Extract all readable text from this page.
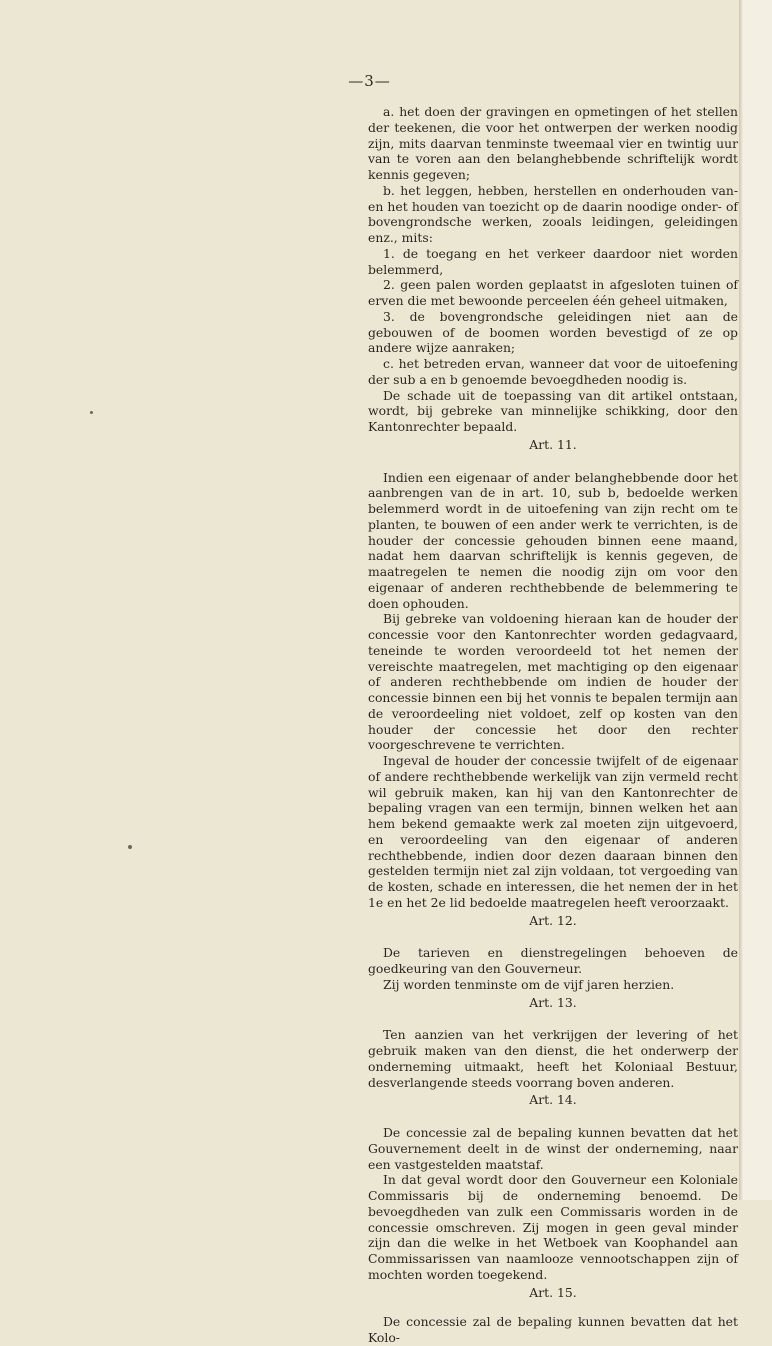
—3—

a. het doen der gravingen en opmetingen of het stellen der teekenen, die voor het ontwerpen der werken noodig zijn, mits daarvan tenminste tweemaal vier en twintig uur van te voren aan den belanghebbende schriftelijk wordt kennis gegeven;

b. het leggen, hebben, herstellen en onderhouden van- en het houden van toezicht op de daarin noodige onder- of bovengrondsche werken, zooals leidingen, geleidingen enz., mits:

1. de toegang en het verkeer daardoor niet worden belemmerd,

2. geen palen worden geplaatst in afgesloten tuinen of erven die met bewoonde perceelen één geheel uitmaken,

3. de bovengrondsche geleidingen niet aan de gebouwen of de boomen worden bevestigd of ze op andere wijze aanraken;

c. het betreden ervan, wanneer dat voor de uitoefening der sub a en b genoemde bevoegdheden noodig is.

De schade uit de toepassing van dit artikel ontstaan, wordt, bij gebreke van minnelijke schikking, door den Kantonrechter bepaald.

Art. 11.

Indien een eigenaar of ander belanghebbende door het aanbrengen van de in art. 10, sub b, bedoelde werken belemmerd wordt in de uitoefening van zijn recht om te planten, te bouwen of een ander werk te verrichten, is de houder der concessie gehouden binnen eene maand, nadat hem daarvan schriftelijk is kennis gegeven, de maatregelen te nemen die noodig zijn om voor den eigenaar of anderen rechthebbende de belemmering te doen ophouden.

Bij gebreke van voldoening hieraan kan de houder der concessie voor den Kantonrechter worden gedagvaard, teneinde te worden veroordeeld tot het nemen der vereischte maatregelen, met machtiging op den eigenaar of anderen rechthebbende om indien de houder der concessie binnen een bij het vonnis te bepalen termijn aan de veroordeeling niet voldoet, zelf op kosten van den houder der concessie het door den rechter voorgeschrevene te verrichten.

Ingeval de houder der concessie twijfelt of de eigenaar of andere rechthebbende werkelijk van zijn vermeld recht wil gebruik maken, kan hij van den Kantonrechter de bepaling vragen van een termijn, binnen welken het aan hem bekend gemaakte werk zal moeten zijn uitgevoerd, en veroordeeling van den eigenaar of anderen rechthebbende, indien door dezen daaraan binnen den gestelden termijn niet zal zijn voldaan, tot vergoeding van de kosten, schade en interessen, die het nemen der in het 1e en het 2e lid bedoelde maatregelen heeft veroorzaakt.

Art. 12.

De tarieven en dienstregelingen behoeven de goedkeuring van den Gouverneur.

Zij worden tenminste om de vijf jaren herzien.

Art. 13.

Ten aanzien van het verkrijgen der levering of het gebruik maken van den dienst, die het onderwerp der onderneming uitmaakt, heeft het Koloniaal Bestuur, desverlangende steeds voorrang boven anderen.

Art. 14.

De concessie zal de bepaling kunnen bevatten dat het Gouvernement deelt in de winst der onderneming, naar een vastgestelden maatstaf.

In dat geval wordt door den Gouverneur een Koloniale Commissaris bij de onderneming benoemd. De bevoegdheden van zulk een Commissaris worden in de concessie omschreven. Zij mogen in geen geval minder zijn dan die welke in het Wetboek van Koophandel aan Commissarissen van naamlooze vennootschappen zijn of mochten worden toegekend.

Art. 15.

De concessie zal de bepaling kunnen bevatten dat het Kolo-
